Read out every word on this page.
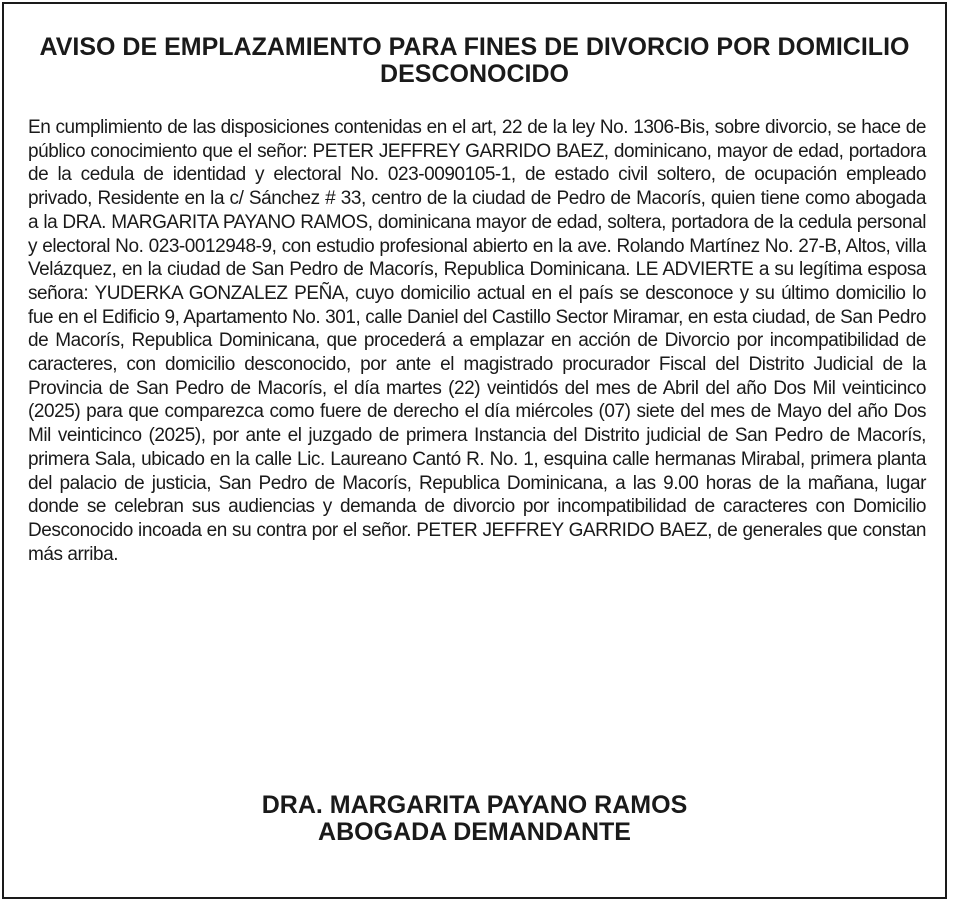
AVISO DE EMPLAZAMIENTO PARA FINES DE DIVORCIO POR DOMICILIO DESCONOCIDO

En cumplimiento de las disposiciones contenidas en el art, 22 de la ley No. 1306-Bis, sobre divorcio, se hace de público conocimiento que el señor: PETER JEFFREY GARRIDO BAEZ, dominicano, mayor de edad, portadora de la cedula de identidad y electoral No. 023-0090105-1, de estado civil soltero, de ocupación empleado privado, Residente en la c/ Sánchez # 33, centro de la ciudad de Pedro de Macorís, quien tiene como abogada a la DRA. MARGARITA PAYANO RAMOS, dominicana mayor de edad, soltera, portadora de la cedula personal y electoral No. 023-0012948-9, con estudio profesional abierto en la ave. Rolando Martínez No. 27-B, Altos, villa Velázquez, en la ciudad de San Pedro de Macorís, Republica Dominicana. LE ADVIERTE a su legítima esposa señora: YUDERKA GONZALEZ PEÑA, cuyo domicilio actual en el país se desconoce y su último domicilio lo fue en el Edificio 9, Apartamento No. 301, calle Daniel del Castillo Sector Miramar, en esta ciudad, de San Pedro de Macorís, Republica Dominicana, que procederá a emplazar en acción de Divorcio por incompatibilidad de caracteres, con domicilio desconocido, por ante el magistrado procurador Fiscal del Distrito Judicial de la Provincia de San Pedro de Macorís, el día martes (22) veintidós del mes de Abril del año Dos Mil veinticinco (2025) para que comparezca como fuere de derecho el día miércoles (07) siete del mes de Mayo del año Dos Mil veinticinco (2025), por ante el juzgado de primera Instancia del Distrito judicial de San Pedro de Macorís, primera Sala, ubicado en la calle Lic. Laureano Cantó R. No. 1, esquina calle hermanas Mirabal, primera planta del palacio de justicia, San Pedro de Macorís, Republica Dominicana, a las 9.00 horas de la mañana, lugar donde se celebran sus audiencias y demanda de divorcio por incompatibilidad de caracteres con Domicilio Desconocido incoada en su contra por el señor. PETER JEFFREY GARRIDO BAEZ, de generales que constan más arriba.

DRA. MARGARITA PAYANO RAMOS
ABOGADA DEMANDANTE
